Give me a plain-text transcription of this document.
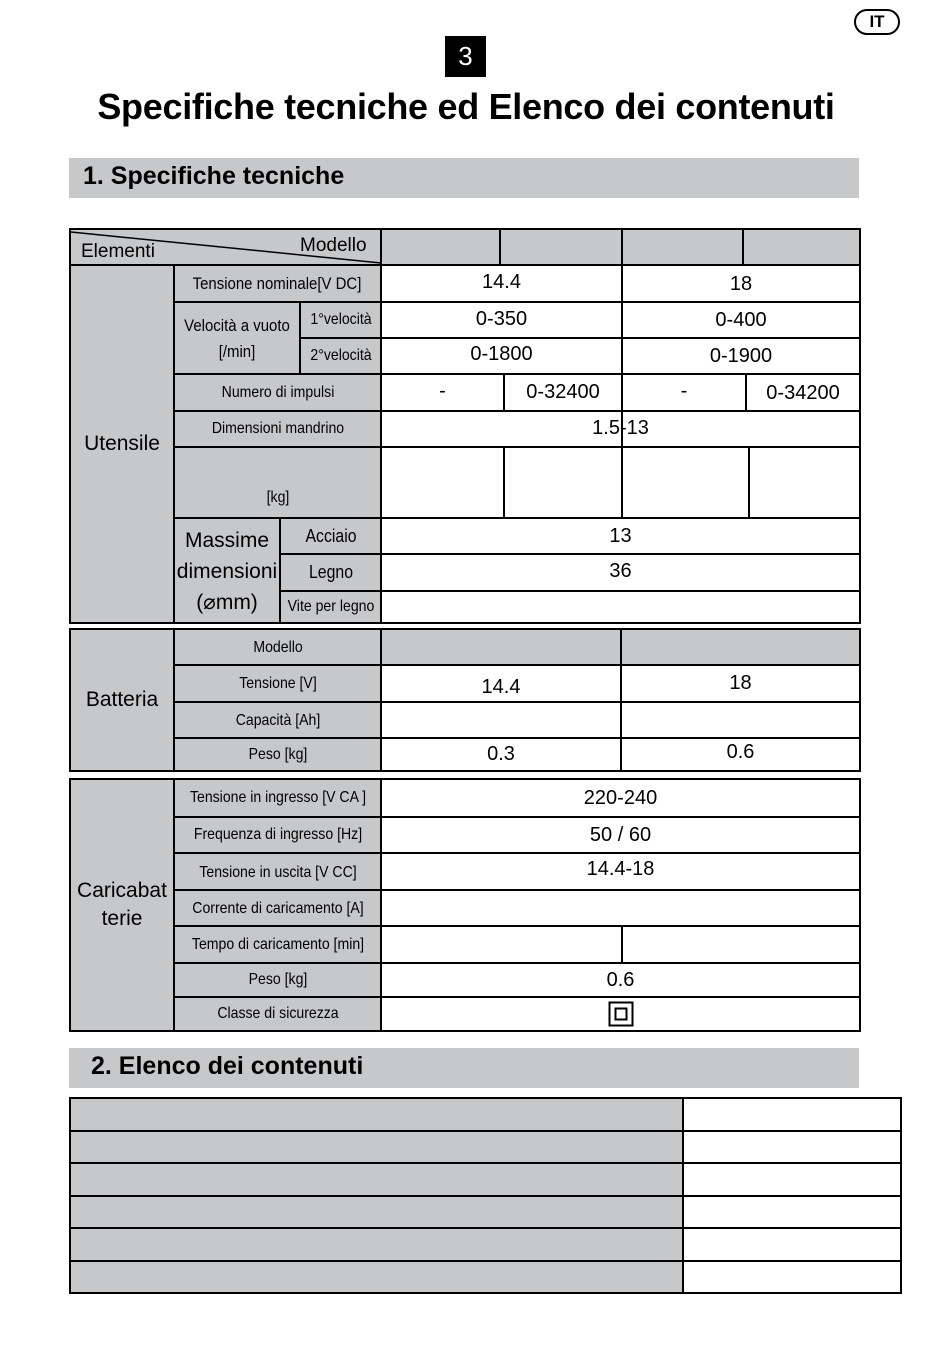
IT
3
Specifiche tecniche ed Elenco dei contenuti
1. Specifiche tecniche
Elementi	Modello
Utensile
Tensione nominale[V DC]	14.4	18
Velocità a vuoto [/min]
1°velocità	0-350	0-400
2°velocità	0-1800	0-1900
Numero di impulsi	-	0-32400	-	0-34200
Dimensioni mandrino	1.5-13
[kg]
Massime dimensioni (⌀mm)
Acciaio	13
Legno	36
Vite per legno
Batteria
Modello
Tensione [V]	14.4	18
Capacità [Ah]
Peso [kg]	0.3	0.6
Caricabat terie
Tensione in ingresso [V CA ]	220-240
Frequenza di ingresso [Hz]	50 / 60
Tensione in uscita [V CC]	14.4-18
Corrente di caricamento [A]
Tempo di caricamento [min]
Peso [kg]	0.6
Classe di sicurezza
2. Elenco dei contenuti
